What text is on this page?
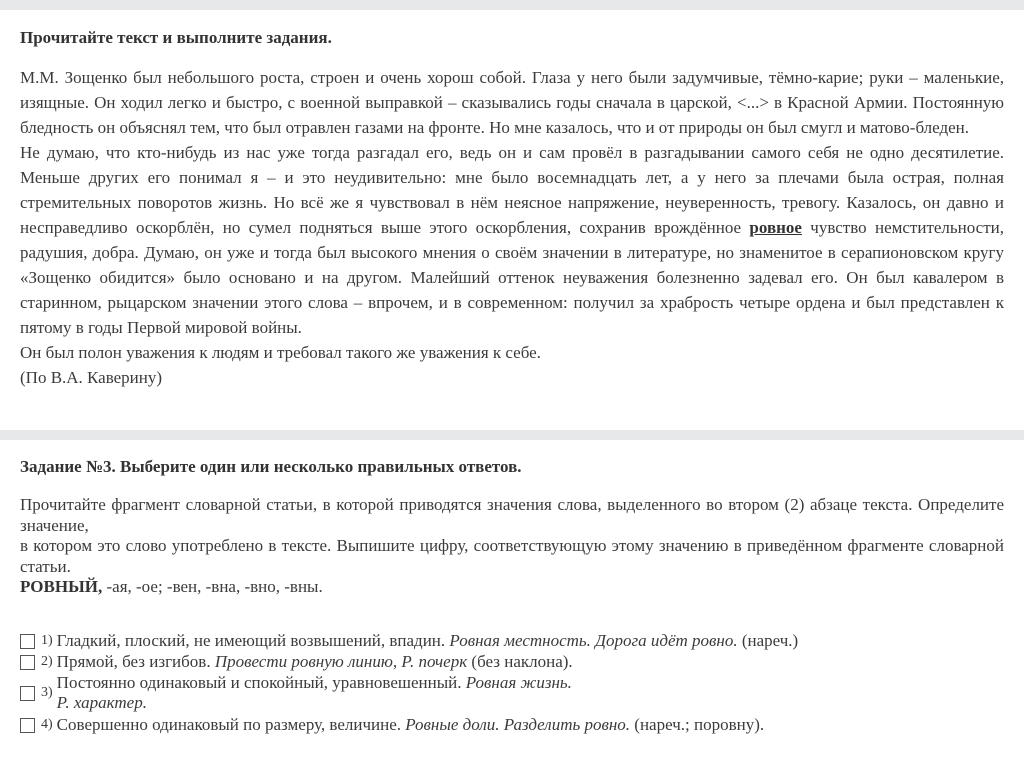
Прочитайте текст и выполните задания.

М.М. Зощенко был небольшого роста, строен и очень хорош собой. Глаза у него были задумчивые, тёмно-карие; руки – маленькие, изящные. Он ходил легко и быстро, с военной выправкой – сказывались годы сначала в царской, <...> в Красной Армии. Постоянную бледность он объяснял тем, что был отравлен газами на фронте. Но мне казалось, что и от природы он был смугл и матово-бледен.

Не думаю, что кто-нибудь из нас уже тогда разгадал его, ведь он и сам провёл в разгадывании самого себя не одно десятилетие. Меньше других его понимал я – и это неудивительно: мне было восемнадцать лет, а у него за плечами была острая, полная стремительных поворотов жизнь. Но всё же я чувствовал в нём неясное напряжение, неуверенность, тревогу. Казалось, он давно и несправедливо оскорблён, но сумел подняться выше этого оскорбления, сохранив врождённое ровное чувство немстительности, радушия, добра. Думаю, он уже и тогда был высокого мнения о своём значении в литературе, но знаменитое в серапионовском кругу «Зощенко обидится» было основано и на другом. Малейший оттенок неуважения болезненно задевал его. Он был кавалером в старинном, рыцарском значении этого слова – впрочем, и в современном: получил за храбрость четыре ордена и был представлен к пятому в годы Первой мировой войны.

Он был полон уважения к людям и требовал такого же уважения к себе.

(По В.А. Каверину)

Задание №3. Выберите один или несколько правильных ответов.

Прочитайте фрагмент словарной статьи, в которой приводятся значения слова, выделенного во втором (2) абзаце текста. Определите значение,

в котором это слово употреблено в тексте. Выпишите цифру, соответствующую этому значению в приведённом фрагменте словарной статьи.

РОВНЫЙ, -ая, -ое; -вен, -вна, -вно, -вны.

1) Гладкий, плоский, не имеющий возвышений, впадин. Ровная местность. Дорога идёт ровно. (нареч.)
2) Прямой, без изгибов. Провести ровную линию, Р. почерк (без наклона).
3)
Постоянно одинаковый и спокойный, уравновешенный. Ровная жизнь.
Р. характер.
4) Совершенно одинаковый по размеру, величине. Ровные доли. Разделить ровно. (нареч.; поровну).
